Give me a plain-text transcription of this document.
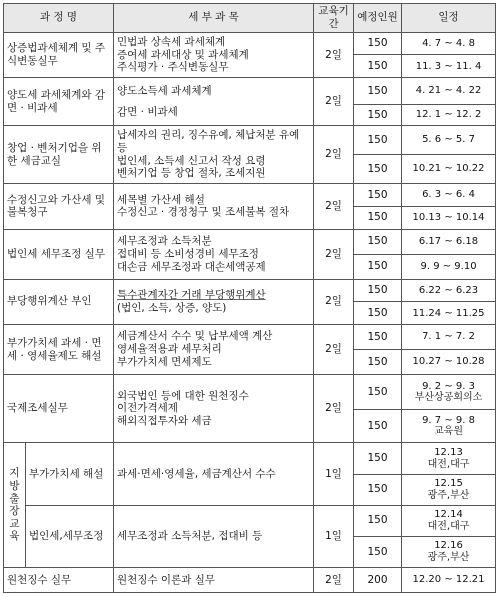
과 정 명		세 부 과 목	교육기간	예정인원	일정
상증법과세체계 및 주식변동실무		민법과 상속세 과세체계
증여세 과세대상 및 과세체계
주식평가 · 주식변동실무	2일	150	4. 7 ~ 4. 8
				150	11. 3 ~ 11. 4
양도세 과세체계와 감면 · 비과세		양도소득세 과세체계
감면 · 비과세	2일	150	4. 21 ~ 4. 22
				150	12. 1 ~ 12. 2
창업 · 벤처기업을 위한 세금교실		납세자의 권리, 징수유예, 체납처분 유예 등
법인세, 소득세 신고서 작성 요령
벤처기업 등 창업 절차, 조세지원	2일	150	5. 6 ~ 5. 7
				150	10.21 ~ 10.22
수정신고와 가산세 및 불복청구		세목별 가산세 해설
수정신고 · 경정청구 및 조세불복 절차	2일	150	6. 3 ~ 6. 4
				150	10.13 ~ 10.14
법인세 세무조정 실무		세무조정과 소득처분
접대비 등 소비성경비 세무조정
대손금 세무조정과 대손세액공제	2일	150	6.17 ~ 6.18
				150	9. 9 ~ 9.10
부당행위계산 부인		특수관계자간 거래 부당행위계산
(법인, 소득, 상증, 양도)	2일	150	6.22 ~ 6.23
				150	11.24 ~ 11.25
부가가치세 과세 · 면세 · 영세율제도 해설		세금계산서 수수 및 납부세액 계산
영세율적용과 세무처리
부가가치세 면세제도	2일	150	7. 1 ~ 7. 2
				150	10.27 ~ 10.28
국제조세실무		외국법인 등에 대한 원천징수
이전가격세제
해외직접투자와 세금	2일	150	9. 2 ~ 9. 3
부산상공회의소

				150	9. 7 ~ 9. 8
교육원

지방출장교육	부가가치세 해설	과세·면세·영세율, 세금계산서 수수	1일	150	12.13
대전,대구

				150	12.15
광주,부산

	법인세,세무조정	세무조정과 소득처분, 접대비 등	1일	150	12.14
대전,대구

				150	12.16
광주,부산

원천징수 실무		원천징수 이론과 실무	2일	200	12.20 ~ 12.21
